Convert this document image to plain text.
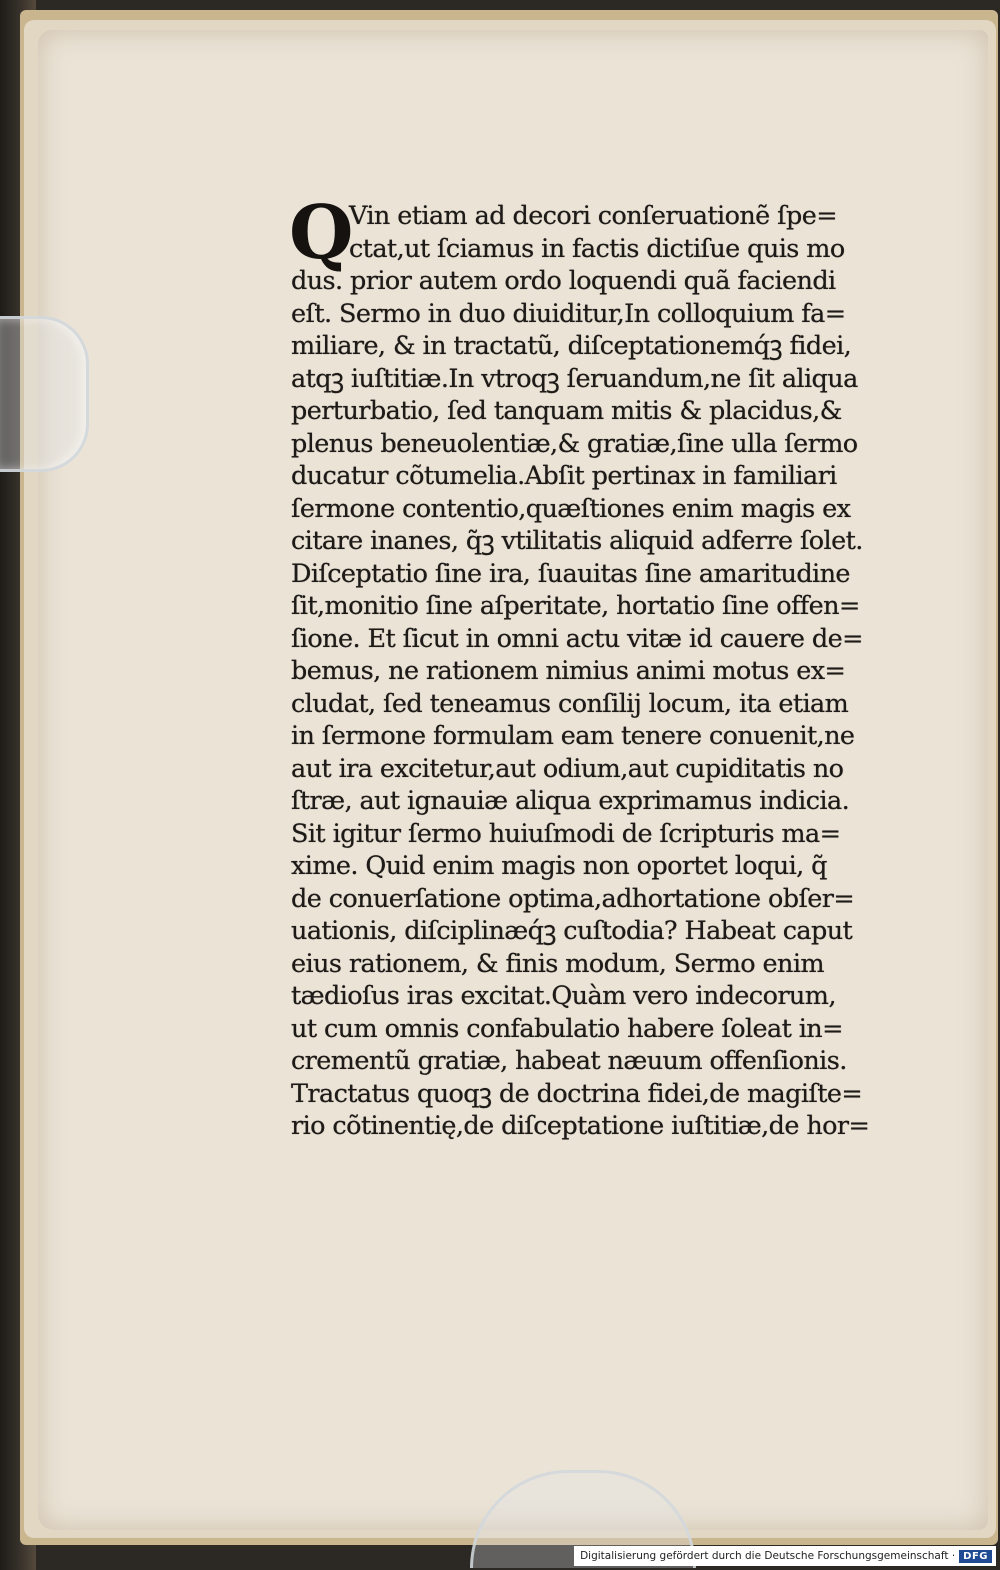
Q
Vin etiam ad decori conſeruationẽ ſpe=
ctat,ut ſciamus in factis dictiſue quis mo
dus. prior autem ordo loquendi quã faciendi
eſt. Sermo in duo diuiditur,In colloquium fa=
miliare, & in tractatũ, diſceptationemq́ꝫ fidei,
atqꝫ iuſtitiæ.In vtroqꝫ ſeruandum,ne ſit aliqua
perturbatio, ſed tanquam mitis & placidus,&
plenus beneuolentiæ,& gratiæ,ſine ulla ſermo
ducatur cõtumelia.Abſit pertinax in familiari
ſermone contentio,quæſtiones enim magis ex
citare inanes, q̃ꝫ vtilitatis aliquid adferre ſolet.
Diſceptatio ſine ira, ſuauitas ſine amaritudine
ſit,monitio ſine aſperitate, hortatio ſine offen=
ſione. Et ſicut in omni actu vitæ id cauere de=
bemus, ne rationem nimius animi motus ex=
cludat, ſed teneamus conſilij locum, ita etiam
in ſermone formulam eam tenere conuenit,ne
aut ira excitetur,aut odium,aut cupiditatis no
ſtræ, aut ignauiæ aliqua exprimamus indicia.
Sit igitur ſermo huiuſmodi de ſcripturis ma=
xime. Quid enim magis non oportet loqui, q̃
de conuerſatione optima,adhortatione obſer=
uationis, diſciplinæq́ꝫ cuſtodia? Habeat caput
eius rationem, & finis modum, Sermo enim
tædioſus iras excitat.Quàm vero indecorum,
ut cum omnis confabulatio habere ſoleat in=
crementũ gratiæ, habeat næuum offenſionis.
Tractatus quoqꝫ de doctrina fidei,de magiſte=
rio cõtinentię,de diſceptatione iuſtitiæ,de hor=
Digitalisierung gefördert durch die Deutsche Forschungsgemeinschaft · DFG
